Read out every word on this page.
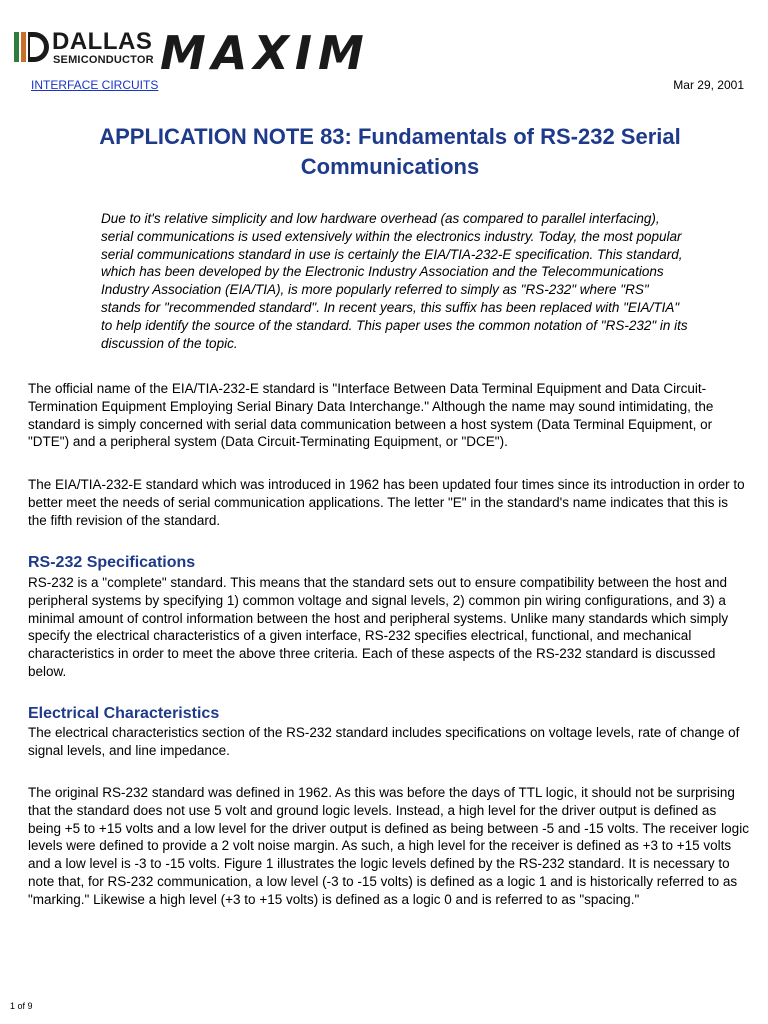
DALLAS
SEMICONDUCTOR MAXIM
INTERFACE CIRCUITS	Mar 29, 2001
APPLICATION NOTE 83: Fundamentals of RS-232 Serial Communications

Due to it's relative simplicity and low hardware overhead (as compared to parallel interfacing), serial communications is used extensively within the electronics industry. Today, the most popular serial communications standard in use is certainly the EIA/TIA-232-E specification. This standard, which has been developed by the Electronic Industry Association and the Telecommunications Industry Association (EIA/TIA), is more popularly referred to simply as "RS-232" where "RS" stands for "recommended standard". In recent years, this suffix has been replaced with "EIA/TIA" to help identify the source of the standard. This paper uses the common notation of "RS-232" in its discussion of the topic.

The official name of the EIA/TIA-232-E standard is "Interface Between Data Terminal Equipment and Data Circuit-Termination Equipment Employing Serial Binary Data Interchange." Although the name may sound intimidating, the standard is simply concerned with serial data communication between a host system (Data Terminal Equipment, or "DTE") and a peripheral system (Data Circuit-Terminating Equipment, or "DCE").

The EIA/TIA-232-E standard which was introduced in 1962 has been updated four times since its introduction in order to better meet the needs of serial communication applications. The letter "E" in the standard's name indicates that this is the fifth revision of the standard.

RS-232 Specifications

RS-232 is a "complete" standard. This means that the standard sets out to ensure compatibility between the host and peripheral systems by specifying 1) common voltage and signal levels, 2) common pin wiring configurations, and 3) a minimal amount of control information between the host and peripheral systems. Unlike many standards which simply specify the electrical characteristics of a given interface, RS-232 specifies electrical, functional, and mechanical characteristics in order to meet the above three criteria. Each of these aspects of the RS-232 standard is discussed below.

Electrical Characteristics

The electrical characteristics section of the RS-232 standard includes specifications on voltage levels, rate of change of signal levels, and line impedance.

The original RS-232 standard was defined in 1962. As this was before the days of TTL logic, it should not be surprising that the standard does not use 5 volt and ground logic levels. Instead, a high level for the driver output is defined as being +5 to +15 volts and a low level for the driver output is defined as being between -5 and -15 volts. The receiver logic levels were defined to provide a 2 volt noise margin. As such, a high level for the receiver is defined as +3 to +15 volts and a low level is -3 to -15 volts. Figure 1 illustrates the logic levels defined by the RS-232 standard. It is necessary to note that, for RS-232 communication, a low level (-3 to -15 volts) is defined as a logic 1 and is historically referred to as "marking." Likewise a high level (+3 to +15 volts) is defined as a logic 0 and is referred to as "spacing."

1 of 9
